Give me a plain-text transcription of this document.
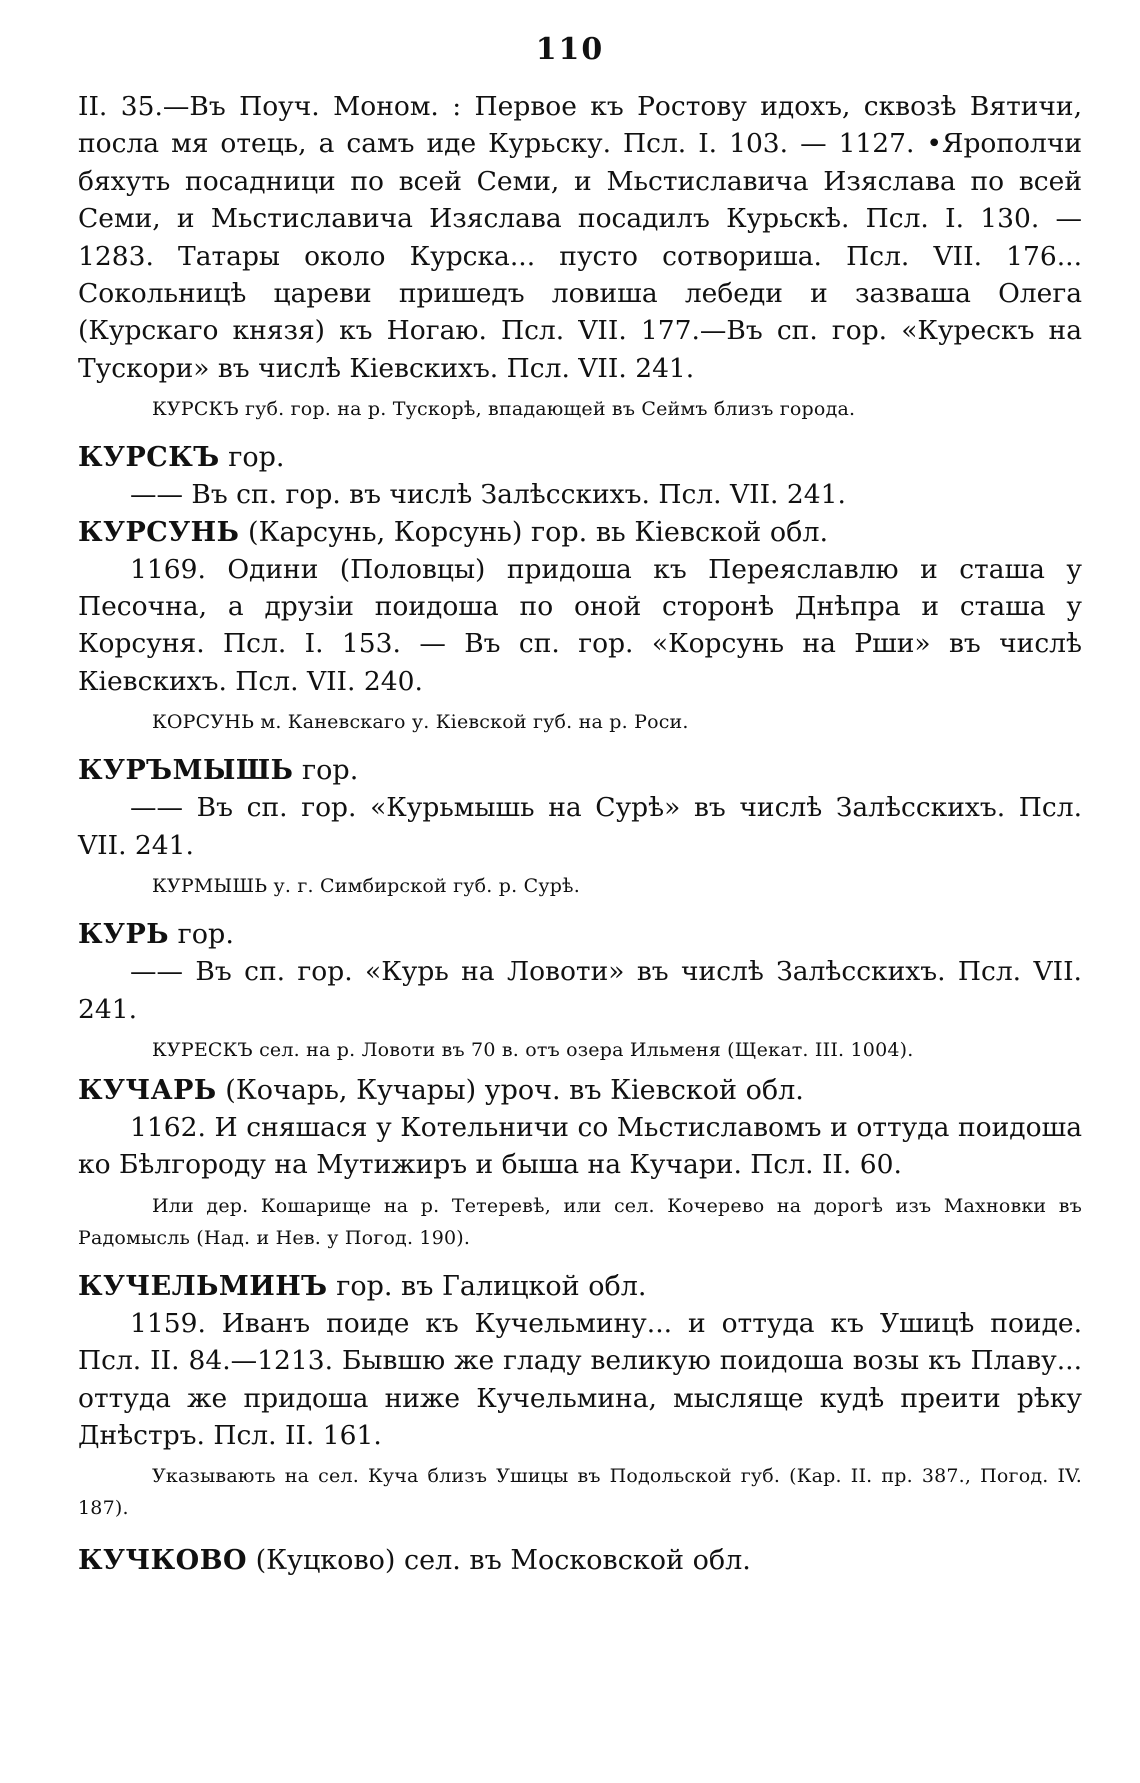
110
II. 35.—Въ Поуч. Моном. : Первое къ Ростову идохъ, сквозѣ Вятичи, посла мя отець, а самъ иде Курьску. Псл. I. 103. — 1127. •Ярополчи бяхуть посадници по всей Семи, и Мьстиславича Изяслава по всей Семи, и Мьстиславича Изяслава посадилъ Курьскѣ. Псл. I. 130. — 1283. Татары около Курска... пусто сотвориша. Псл. VII. 176... Сокольницѣ цареви пришедъ ловиша лебеди и зазваша Олега (Курскаго князя) къ Ногаю. Псл. VII. 177.—Въ сп. гор. «Курескъ на Тускори» въ числѣ Кіевскихъ. Псл. VII. 241.
КУРСКЪ губ. гор. на р. Тускорѣ, впадающей въ Сеймъ близъ города.
КУРСКЪ гор.
—— Въ сп. гор. въ числѣ Залѣсскихъ. Псл. VII. 241.
КУРСУНЬ (Карсунь, Корсунь) гор. вь Кіевской обл.
1169. Одини (Половцы) придоша къ Переяславлю и сташа у Песочна, а друзіи поидоша по оной сторонѣ Днѣпра и сташа у Корсуня. Псл. I. 153. — Въ сп. гор. «Корсунь на Рши» въ числѣ Кіевскихъ. Псл. VII. 240.
КОРСУНЬ м. Каневскаго у. Кіевской губ. на р. Роси.
КУРЪМЫШЬ гор.
—— Въ сп. гор. «Курьмышь на Сурѣ» въ числѣ Залѣсскихъ. Псл. VII. 241.
КУРМЫШЬ у. г. Симбирской губ. р. Сурѣ.
КУРЬ гор.
—— Въ сп. гор. «Курь на Ловоти» въ числѣ Залѣсскихъ. Псл. VII. 241.
КУРЕСКЪ сел. на р. Ловоти въ 70 в. отъ озера Ильменя (Щекат. III. 1004).
КУЧАРЬ (Кочарь, Кучары) уроч. въ Кіевской обл.
1162. И сняшася у Котельничи со Мьстиславомъ и оттуда поидоша ко Бѣлгороду на Мутижиръ и быша на Кучари. Псл. II. 60.
Или дер. Кошарище на р. Тетеревѣ, или сел. Кочерево на дорогѣ изъ Махновки въ Радомысль (Над. и Нев. у Погод. 190).
КУЧЕЛЬМИНЪ гор. въ Галицкой обл.
1159. Иванъ поиде къ Кучельмину... и оттуда къ Ушицѣ поиде. Псл. II. 84.—1213. Бывшю же гладу великую поидоша возы къ Плаву... оттуда же придоша ниже Кучельмина, мысляще кудѣ преити рѣку Днѣстръ. Псл. II. 161.
Указывають на сел. Куча близъ Ушицы въ Подольской губ. (Кар. II. пр. 387., Погод. IV. 187).
КУЧКОВО (Куцково) сел. въ Московской обл.
